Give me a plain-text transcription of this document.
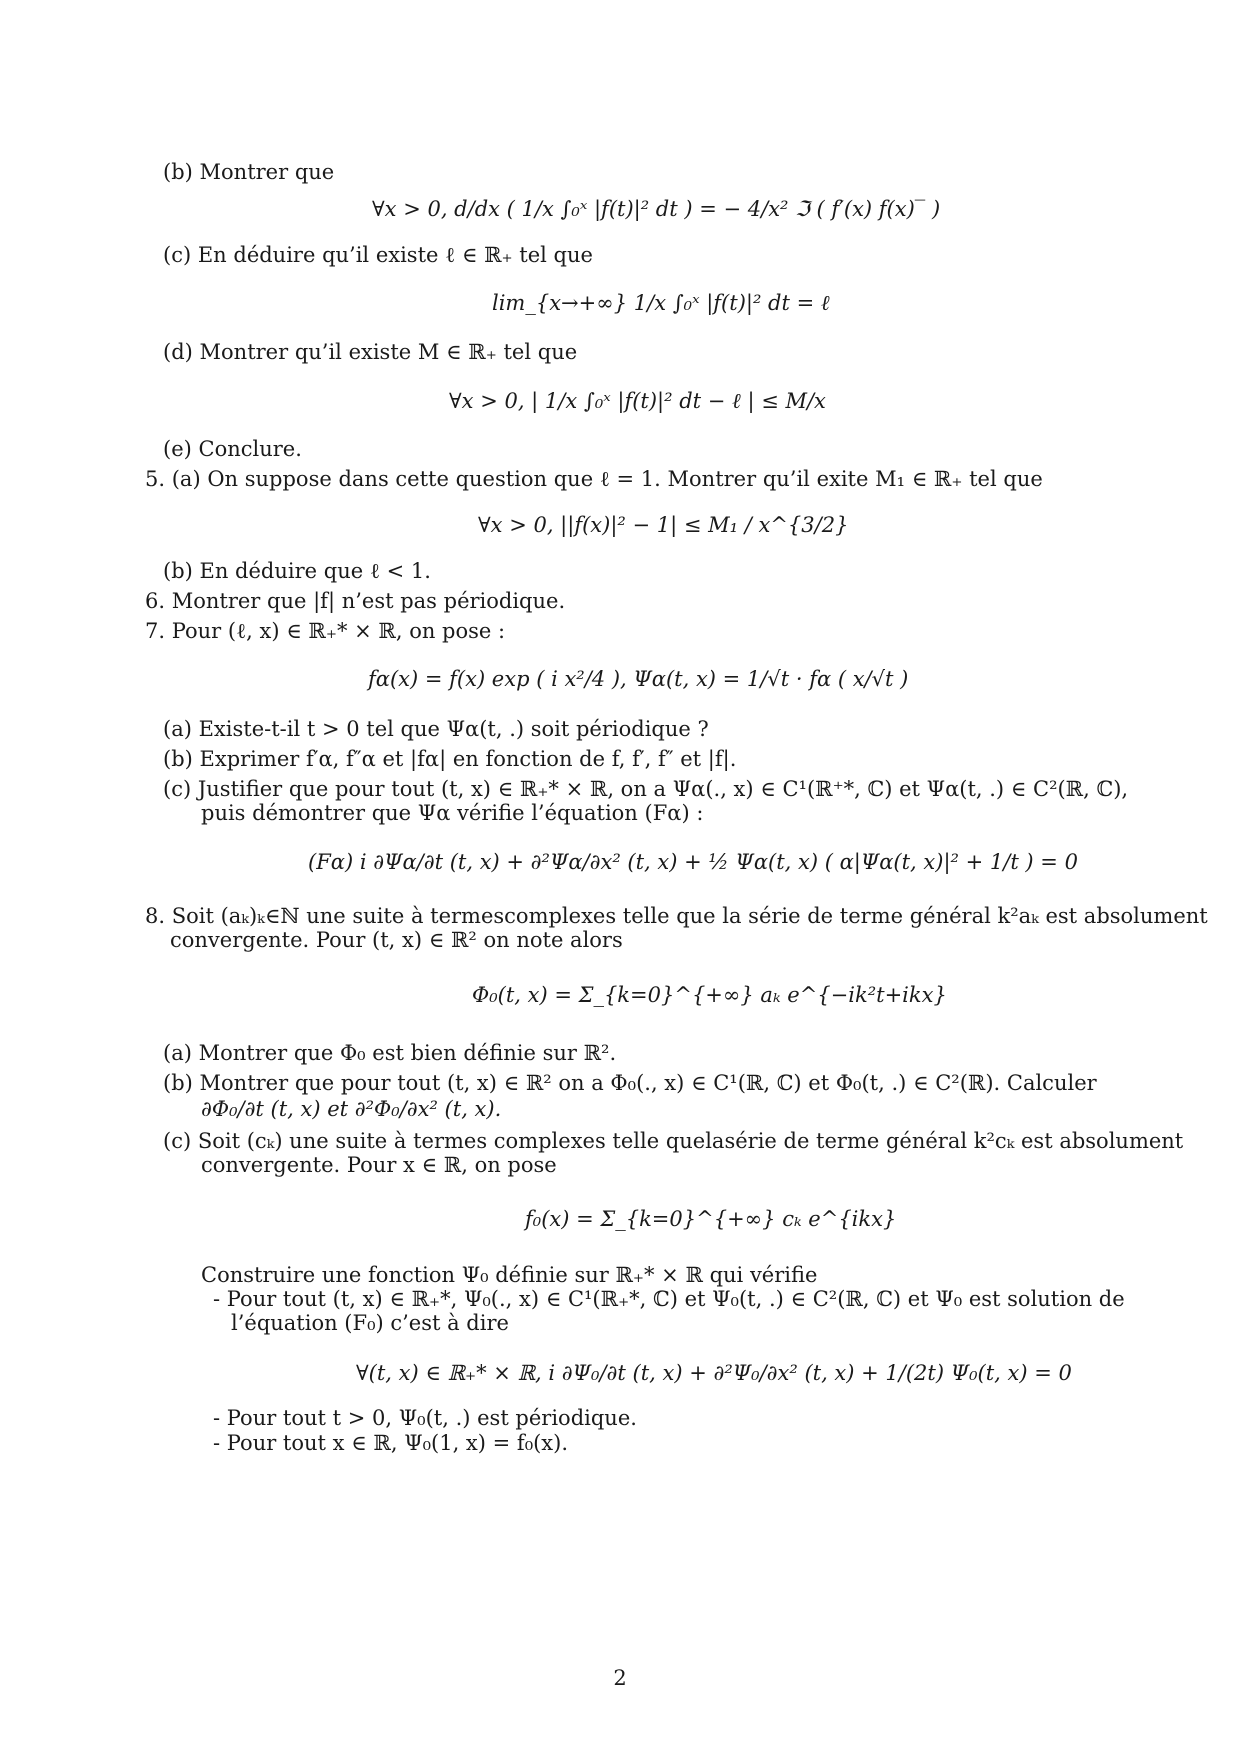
(b) Montrer que
∀x > 0, d/dx ( 1/x ∫₀ˣ |f(t)|² dt ) = − 4/x² ℑ ( f′(x) f(x)‾ )
(c) En déduire qu’il existe ℓ ∈ ℝ₊ tel que
lim_{x→+∞} 1/x ∫₀ˣ |f(t)|² dt = ℓ
(d) Montrer qu’il existe M ∈ ℝ₊ tel que
∀x > 0, | 1/x ∫₀ˣ |f(t)|² dt − ℓ | ≤ M/x
(e) Conclure.
5. (a) On suppose dans cette question que ℓ = 1. Montrer qu’il exite M₁ ∈ ℝ₊ tel que
∀x > 0, ||f(x)|² − 1| ≤ M₁ / x^{3/2}
(b) En déduire que ℓ < 1.
6. Montrer que |f| n’est pas périodique.
7. Pour (ℓ, x) ∈ ℝ₊* × ℝ, on pose :
fα(x) = f(x) exp ( i x²/4 ), Ψα(t, x) = 1/√t · fα ( x/√t )
(a) Existe-t-il t > 0 tel que Ψα(t, .) soit périodique ?
(b) Exprimer f′α, f″α et |fα| en fonction de f, f′, f″ et |f|.
(c) Justifier que pour tout (t, x) ∈ ℝ₊* × ℝ, on a Ψα(., x) ∈ C¹(ℝ⁺*, ℂ) et Ψα(t, .) ∈ C²(ℝ, ℂ),
puis démontrer que Ψα vérifie l’équation (Fα) :
(Fα) i ∂Ψα/∂t (t, x) + ∂²Ψα/∂x² (t, x) + ½ Ψα(t, x) ( α|Ψα(t, x)|² + 1/t ) = 0
8. Soit (aₖ)ₖ∈ℕ une suite à termescomplexes telle que la série de terme général k²aₖ est absolument
convergente. Pour (t, x) ∈ ℝ² on note alors
Φ₀(t, x) = Σ_{k=0}^{+∞} aₖ e^{−ik²t+ikx}
(a) Montrer que Φ₀ est bien définie sur ℝ².
(b) Montrer que pour tout (t, x) ∈ ℝ² on a Φ₀(., x) ∈ C¹(ℝ, ℂ) et Φ₀(t, .) ∈ C²(ℝ). Calculer
∂Φ₀/∂t (t, x) et ∂²Φ₀/∂x² (t, x).
(c) Soit (cₖ) une suite à termes complexes telle quelasérie de terme général k²cₖ est absolument
convergente. Pour x ∈ ℝ, on pose
f₀(x) = Σ_{k=0}^{+∞} cₖ e^{ikx}
Construire une fonction Ψ₀ définie sur ℝ₊* × ℝ qui vérifie
- Pour tout (t, x) ∈ ℝ₊*, Ψ₀(., x) ∈ C¹(ℝ₊*, ℂ) et Ψ₀(t, .) ∈ C²(ℝ, ℂ) et Ψ₀ est solution de
l’équation (F₀) c’est à dire
∀(t, x) ∈ ℝ₊* × ℝ, i ∂Ψ₀/∂t (t, x) + ∂²Ψ₀/∂x² (t, x) + 1/(2t) Ψ₀(t, x) = 0
- Pour tout t > 0, Ψ₀(t, .) est périodique.
- Pour tout x ∈ ℝ, Ψ₀(1, x) = f₀(x).
2
